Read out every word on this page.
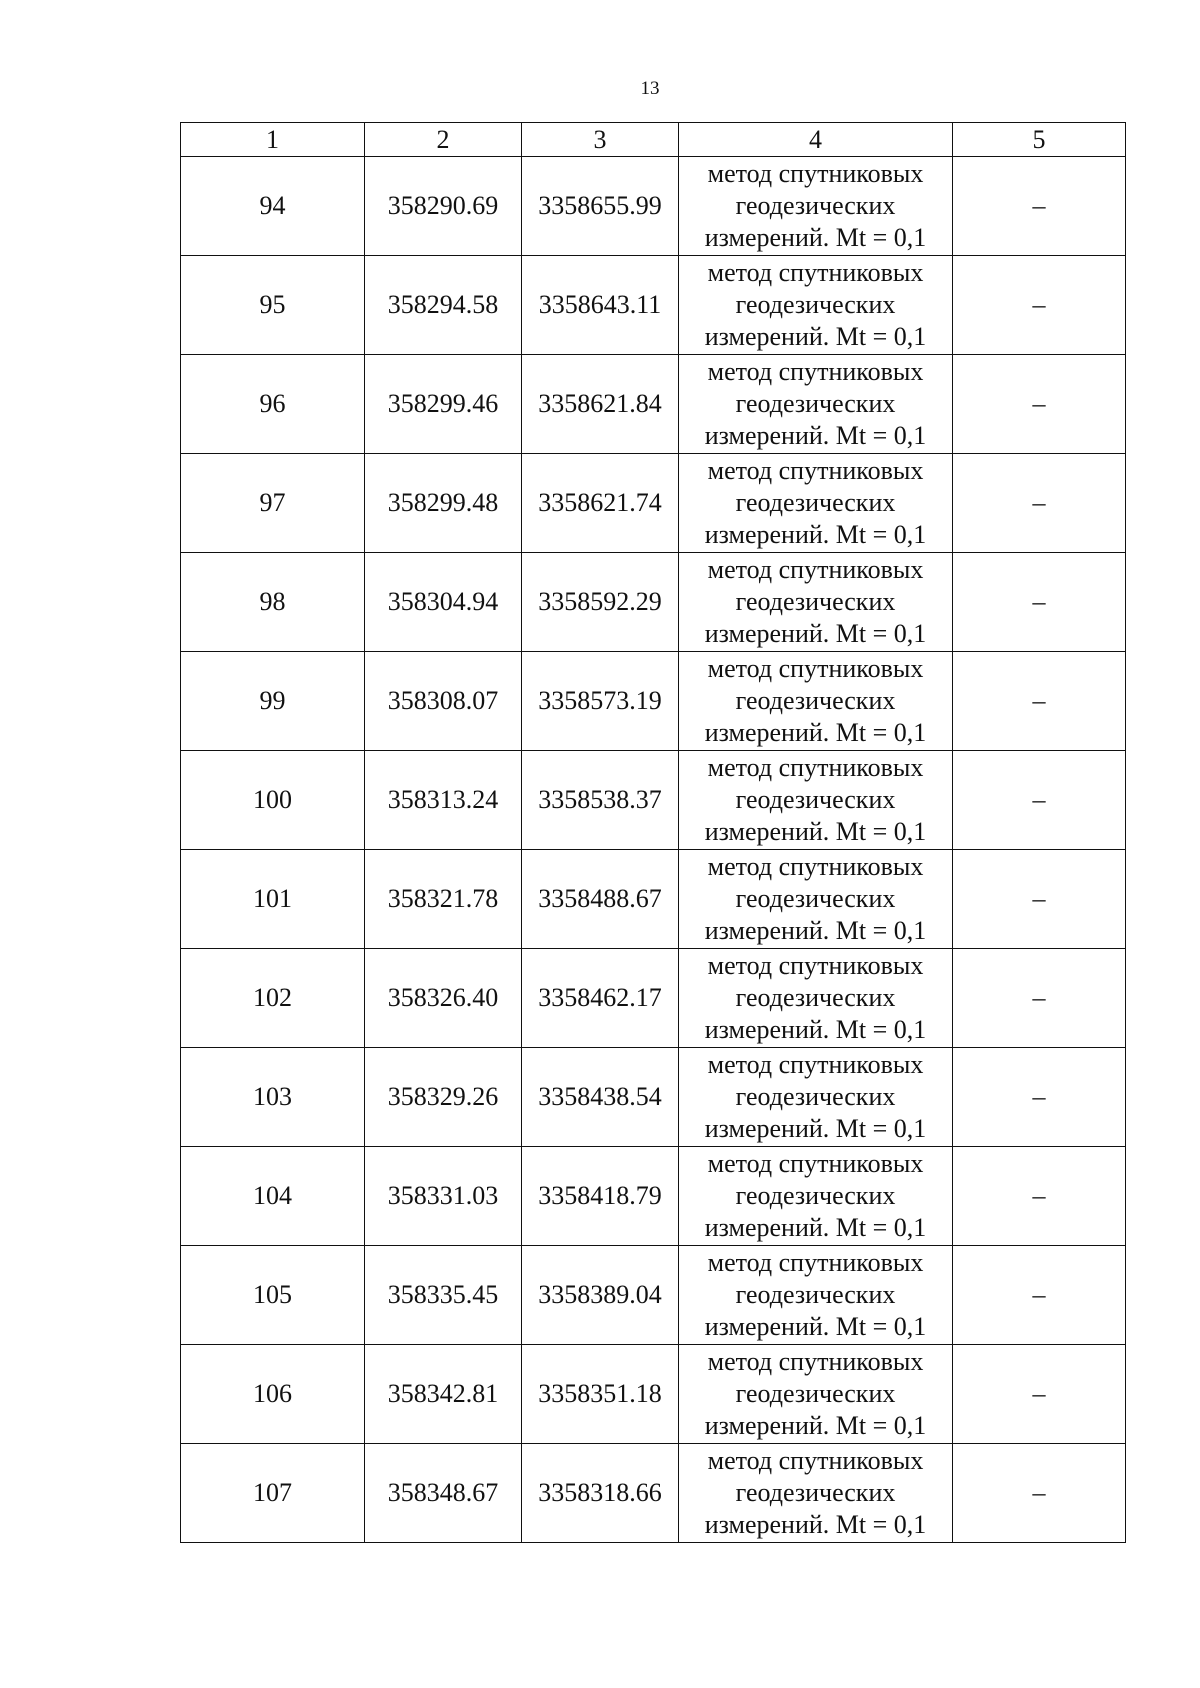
13
1	2	3	4	5
94	358290.69	3358655.99	метод спутниковых
геодезических
измерений. Mt = 0,1	–
95	358294.58	3358643.11	метод спутниковых
геодезических
измерений. Mt = 0,1	–
96	358299.46	3358621.84	метод спутниковых
геодезических
измерений. Mt = 0,1	–
97	358299.48	3358621.74	метод спутниковых
геодезических
измерений. Mt = 0,1	–
98	358304.94	3358592.29	метод спутниковых
геодезических
измерений. Mt = 0,1	–
99	358308.07	3358573.19	метод спутниковых
геодезических
измерений. Mt = 0,1	–
100	358313.24	3358538.37	метод спутниковых
геодезических
измерений. Mt = 0,1	–
101	358321.78	3358488.67	метод спутниковых
геодезических
измерений. Mt = 0,1	–
102	358326.40	3358462.17	метод спутниковых
геодезических
измерений. Mt = 0,1	–
103	358329.26	3358438.54	метод спутниковых
геодезических
измерений. Mt = 0,1	–
104	358331.03	3358418.79	метод спутниковых
геодезических
измерений. Mt = 0,1	–
105	358335.45	3358389.04	метод спутниковых
геодезических
измерений. Mt = 0,1	–
106	358342.81	3358351.18	метод спутниковых
геодезических
измерений. Mt = 0,1	–
107	358348.67	3358318.66	метод спутниковых
геодезических
измерений. Mt = 0,1	–
